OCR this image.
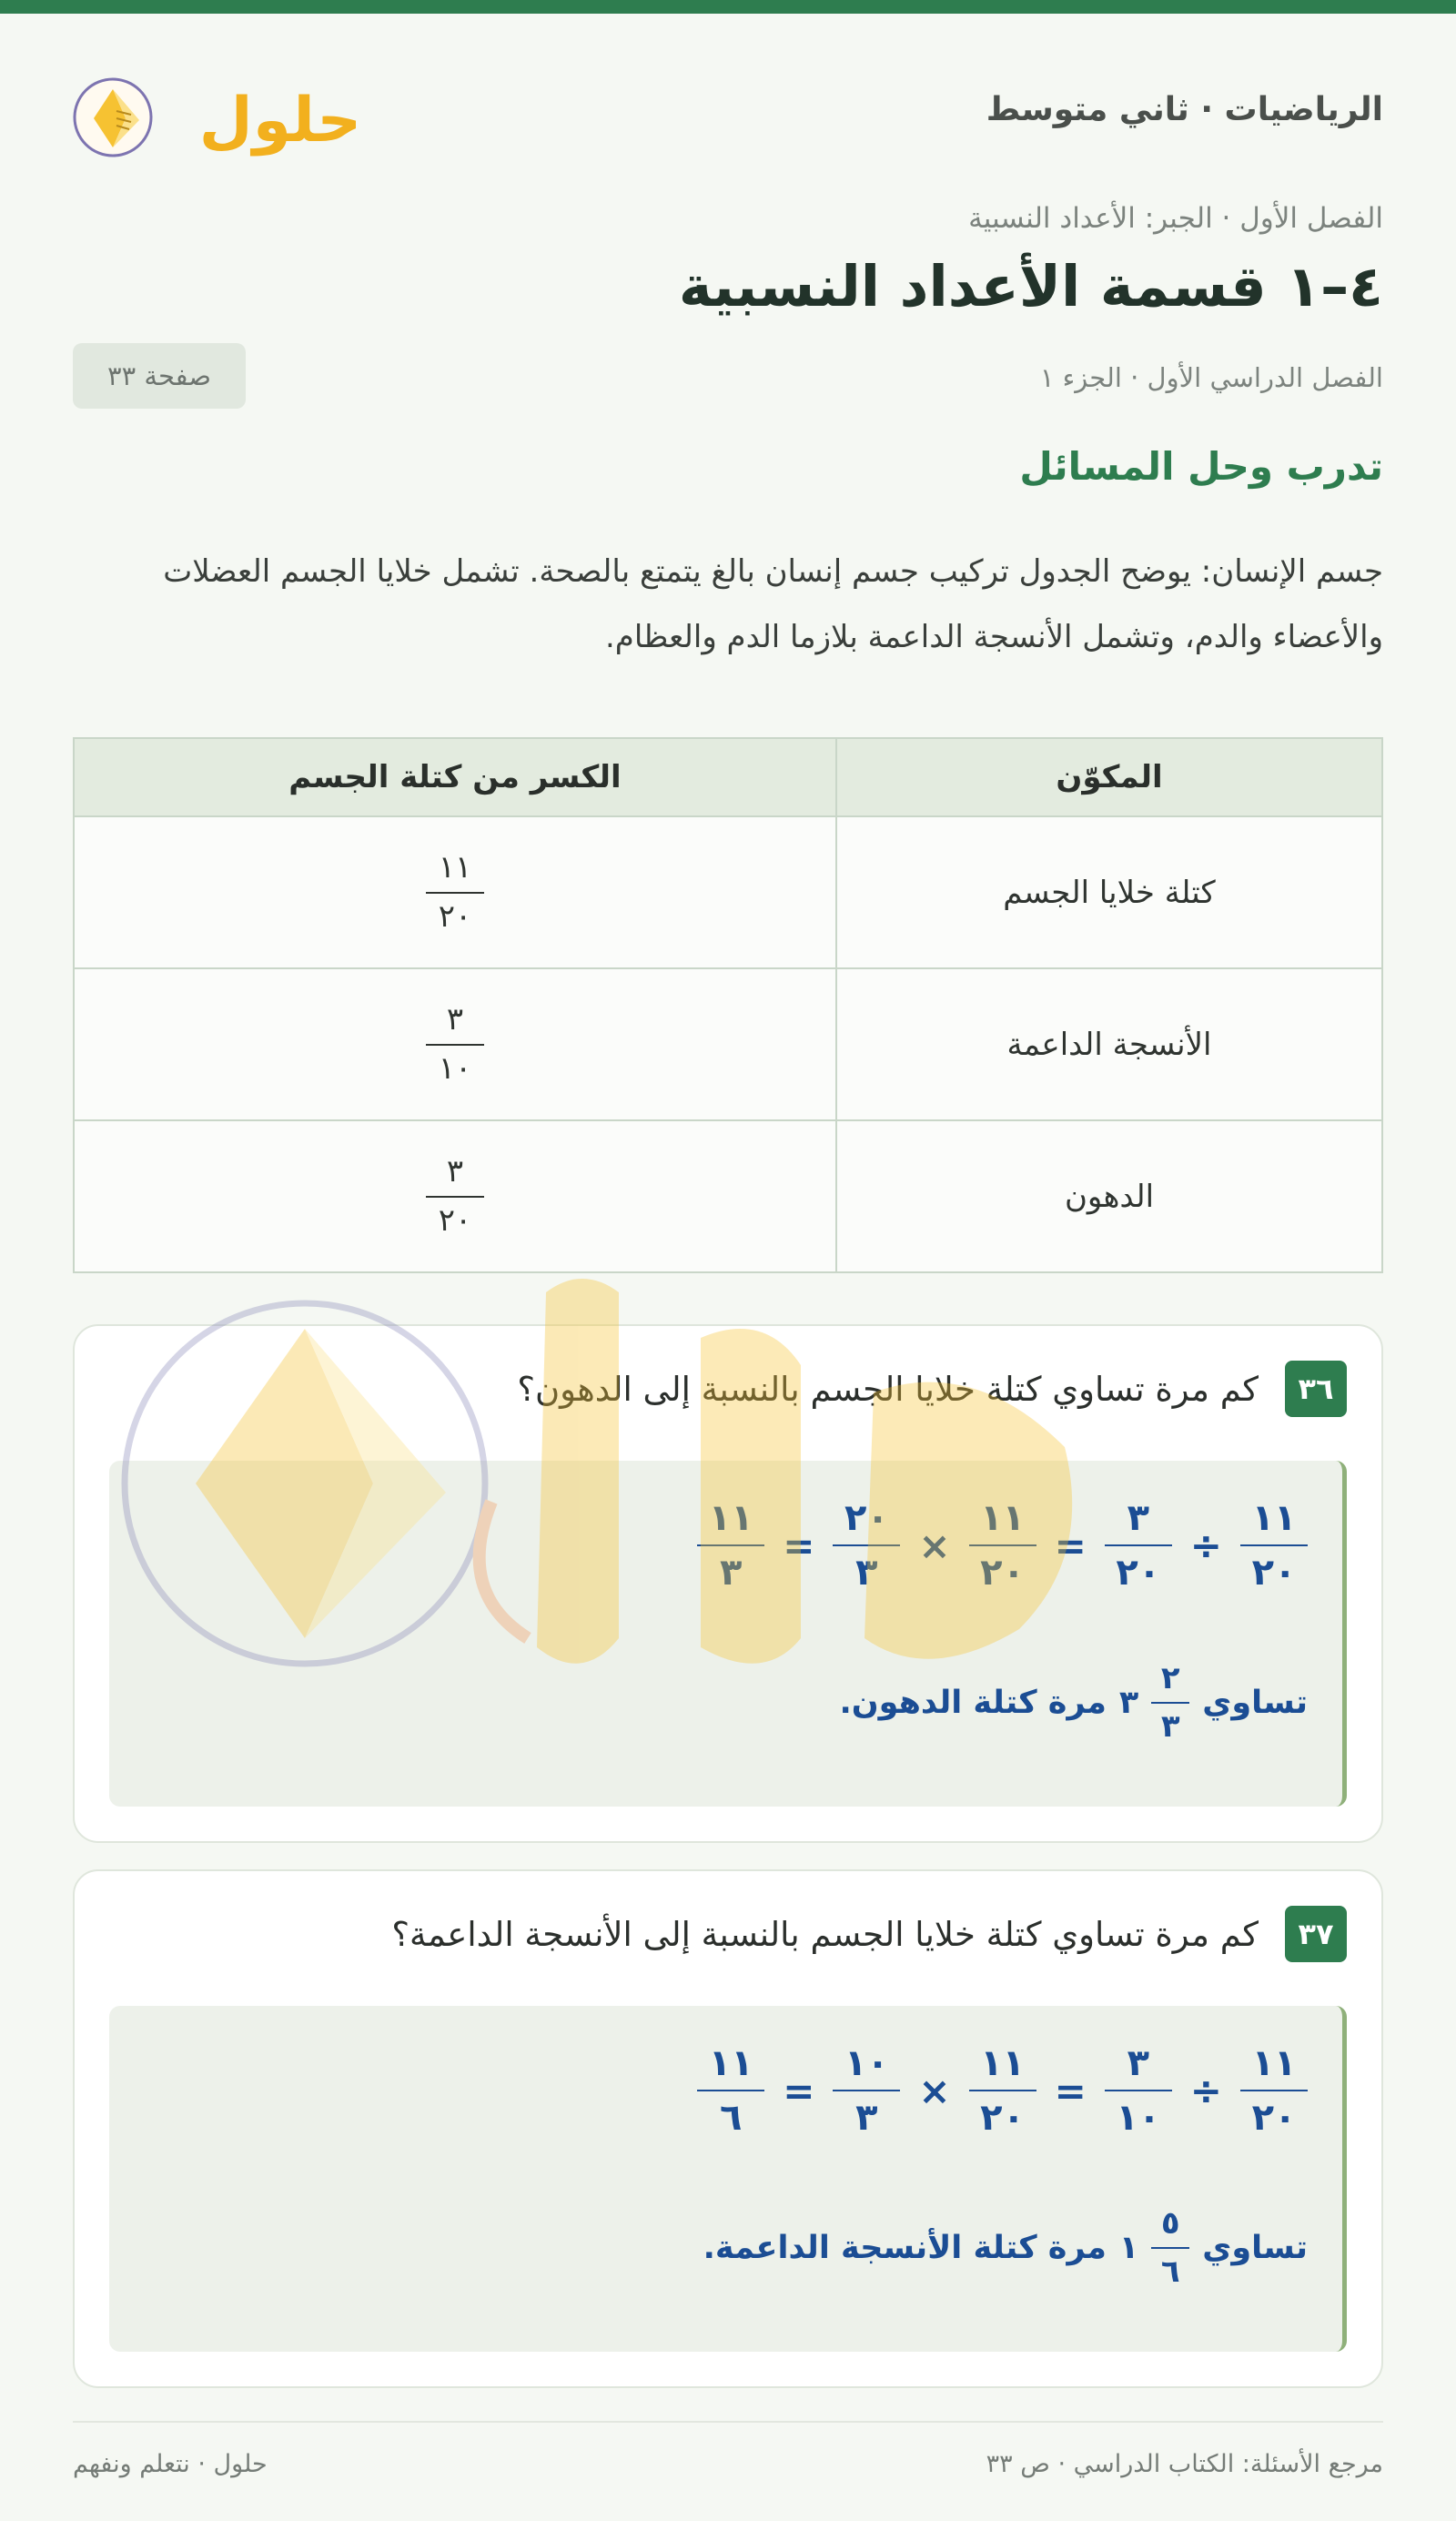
الرياضيات · ثاني متوسط
حلول
الفصل الأول · الجبر: الأعداد النسبية
٤–١ قسمة الأعداد النسبية
الفصل الدراسي الأول · الجزء ١
صفحة ٣٣
تدرب وحل المسائل

جسم الإنسان: يوضح الجدول تركيب جسم إنسان بالغ يتمتع بالصحة. تشمل خلايا الجسم العضلات والأعضاء والدم، وتشمل الأنسجة الداعمة بلازما الدم والعظام.

المكوّن	الكسر من كتلة الجسم
كتلة خلايا الجسم	$\frac{١١}{٢٠}$

الأنسجة الداعمة	$\frac{٣}{١٠}$

الدهون	$\frac{٣}{٢٠}$
٣٦
كم مرة تساوي كتلة خلايا الجسم بالنسبة إلى الدهون؟
$\frac{١١}{٢٠}$
÷
$\frac{٣}{٢٠}$
=
$\frac{١١}{٢٠}$
×
$\frac{٢٠}{٣}$
=
$\frac{١١}{٣}$
تساوي
$\frac{٢}{٣}$
٣
مرة كتلة الدهون.
٣٧
كم مرة تساوي كتلة خلايا الجسم بالنسبة إلى الأنسجة الداعمة؟
$\frac{١١}{٢٠}$
÷
$\frac{٣}{١٠}$
=
$\frac{١١}{٢٠}$
×
$\frac{١٠}{٣}$
=
$\frac{١١}{٦}$
تساوي
$\frac{٥}{٦}$
١
مرة كتلة الأنسجة الداعمة.
مرجع الأسئلة: الكتاب الدراسي · ص ٣٣
حلول · نتعلم ونفهم
